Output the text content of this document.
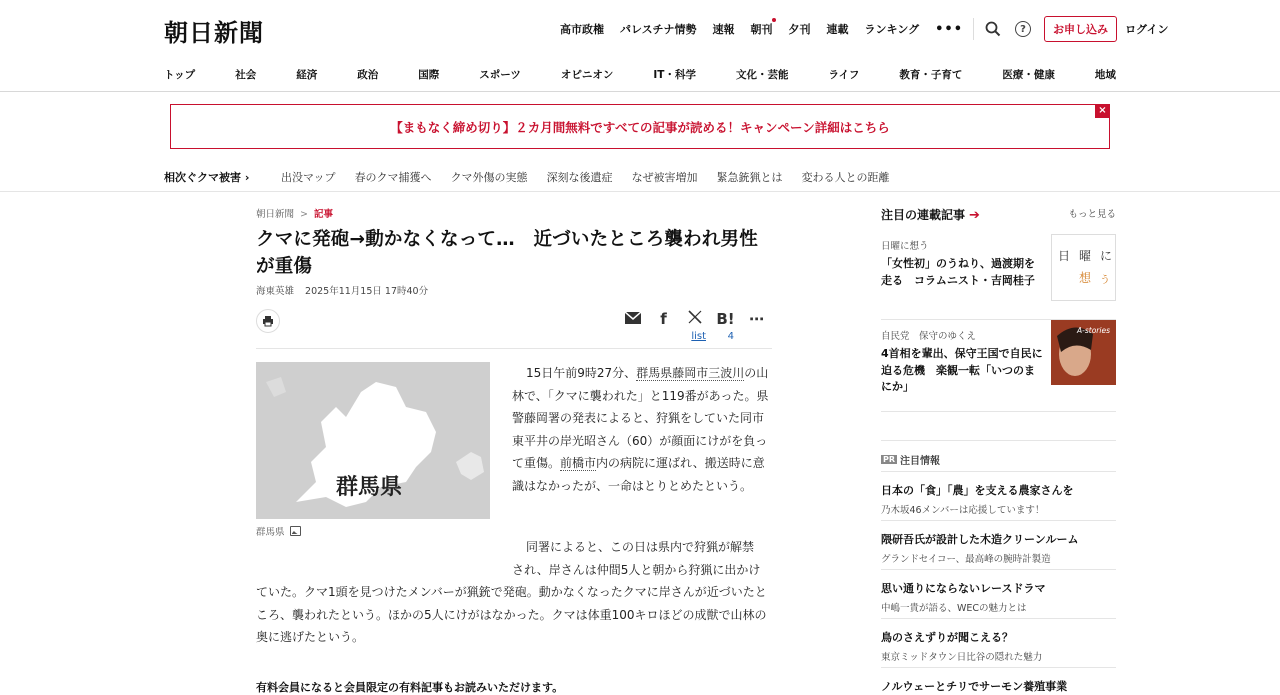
朝日新聞	高市政権 パレスチナ情勢 速報 朝刊 夕刊 連載 ランキング •••	?	お申し込み	ログイン
トップ	社会	経済	政治	国際	スポーツ	オピニオン	IT・科学	文化・芸能	ライフ	教育・子育て	医療・健康	地域
【まもなく締め切り】２カ月間無料ですべての記事が読める！キャンペーン詳細はこちら
×
相次ぐクマ被害 ›	出没マップ 春のクマ捕獲へ クマ外傷の実態 深刻な後遺症 なぜ被害増加 緊急銃猟とは 変わる人との距離
朝日新聞 > 記事
クマに発砲→動かなくなって…　近づいたところ襲われ男性が重傷
海東英雄 2025年11月15日 17時40分
f	B! ⋯
list 4
群馬県
群馬県
15日午前9時27分、群馬県藤岡市三波川の山林で、「クマに襲われた」と119番があった。県警藤岡署の発表によると、狩猟をしていた同市東平井の岸光昭さん（60）が顔面にけがを負って重傷。前橋市内の病院に運ばれ、搬送時に意識はなかったが、一命はとりとめたという。
同署によると、この日は県内で狩猟が解禁
され、岸さんは仲間5人と朝から狩猟に出かけ
ていた。クマ1頭を見つけたメンバーが猟銃で発砲。動かなくなったクマに岸さんが近づいたところ、襲われたという。ほかの5人にけがはなかった。クマは体重100キロほどの成獣で山林の奥に逃げたという。
有料会員になると会員限定の有料記事もお読みいただけます。
注目の連載記事 ➔	もっと見る
日曜に想う
「女性初」のうねり、過渡期を走る　コラムニスト・吉岡桂子
自民党　保守のゆくえ
4首相を輩出、保守王国で自民に迫る危機　楽観一転「いつのまにか」
日 曜 に
想 う
A-stories
PR 注目情報
日本の「食」「農」を支える農家さんを
乃木坂46メンバーは応援しています！
隈研吾氏が設計した木造クリーンルーム
グランドセイコー、最高峰の腕時計製造
思い通りにならないレースドラマ
中嶋一貴が語る、WECの魅力とは
鳥のさえずりが聞こえる？
東京ミッドタウン日比谷の隠れた魅力
ノルウェーとチリでサーモン養殖事業
